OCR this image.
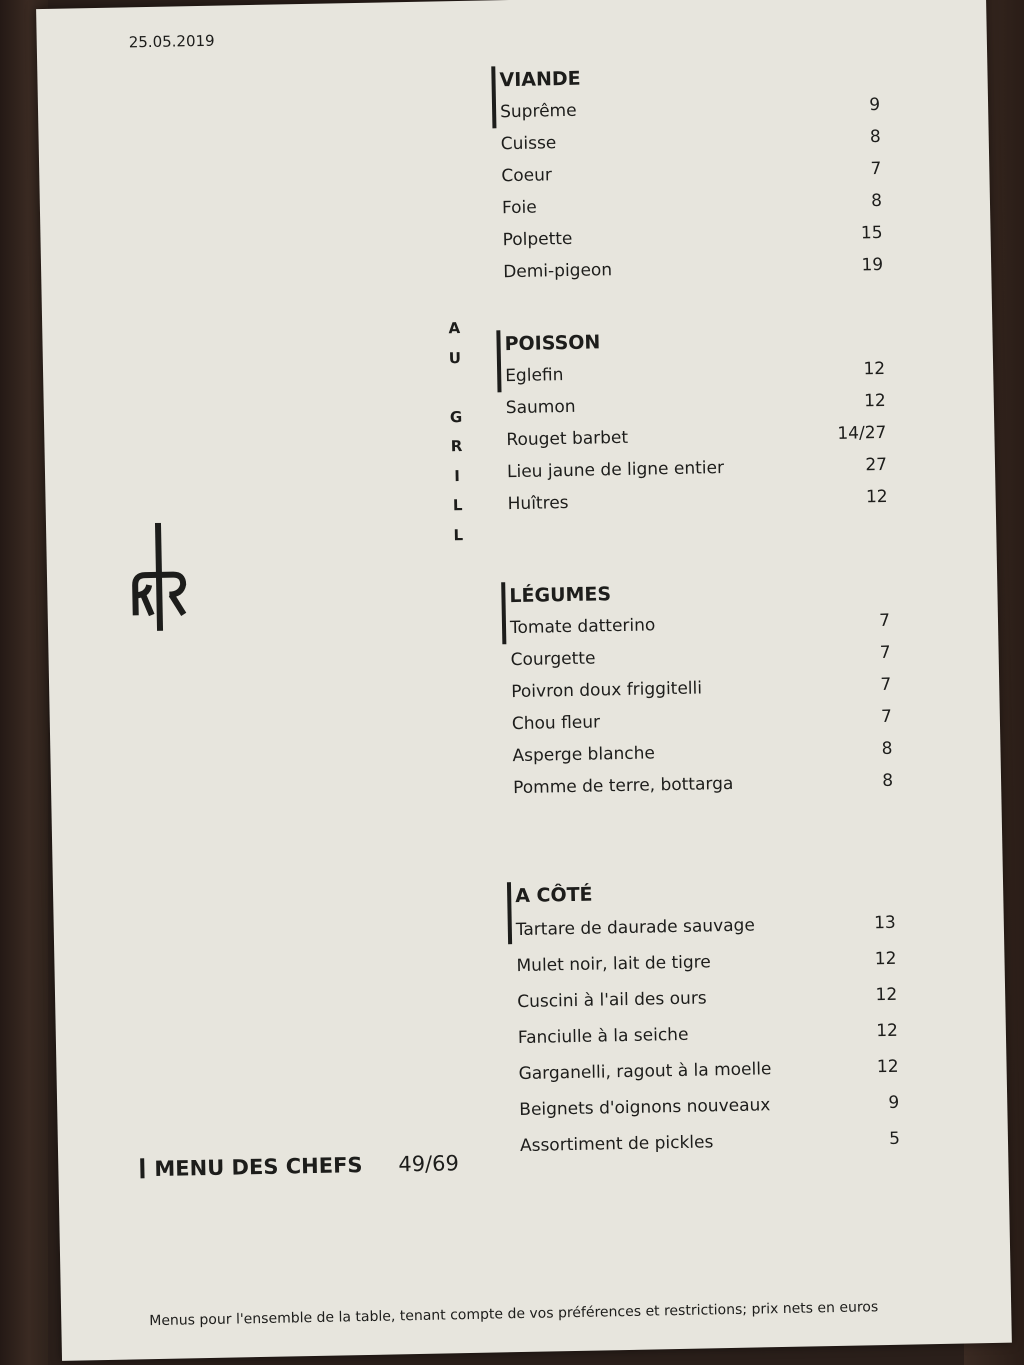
25.05.2019
A
U
G
R
I
L
L
VIANDE
Suprême	9
Cuisse	8
Coeur	7
Foie	8
Polpette	15
Demi-pigeon	19
POISSON
Eglefin	12
Saumon	12
Rouget barbet	14/27
Lieu jaune de ligne entier	27
Huîtres	12
LÉGUMES
Tomate datterino	7
Courgette	7
Poivron doux friggitelli	7
Chou fleur	7
Asperge blanche	8
Pomme de terre, bottarga	8
A CÔTÉ
Tartare de daurade sauvage	13
Mulet noir, lait de tigre	12
Cuscini à l'ail des ours	12
Fanciulle à la seiche	12
Garganelli, ragout à la moelle	12
Beignets d'oignons nouveaux	9
Assortiment de pickles	5
MENU DES CHEFS 49/69
Menus pour l'ensemble de la table, tenant compte de vos préférences et restrictions; prix nets en euros
